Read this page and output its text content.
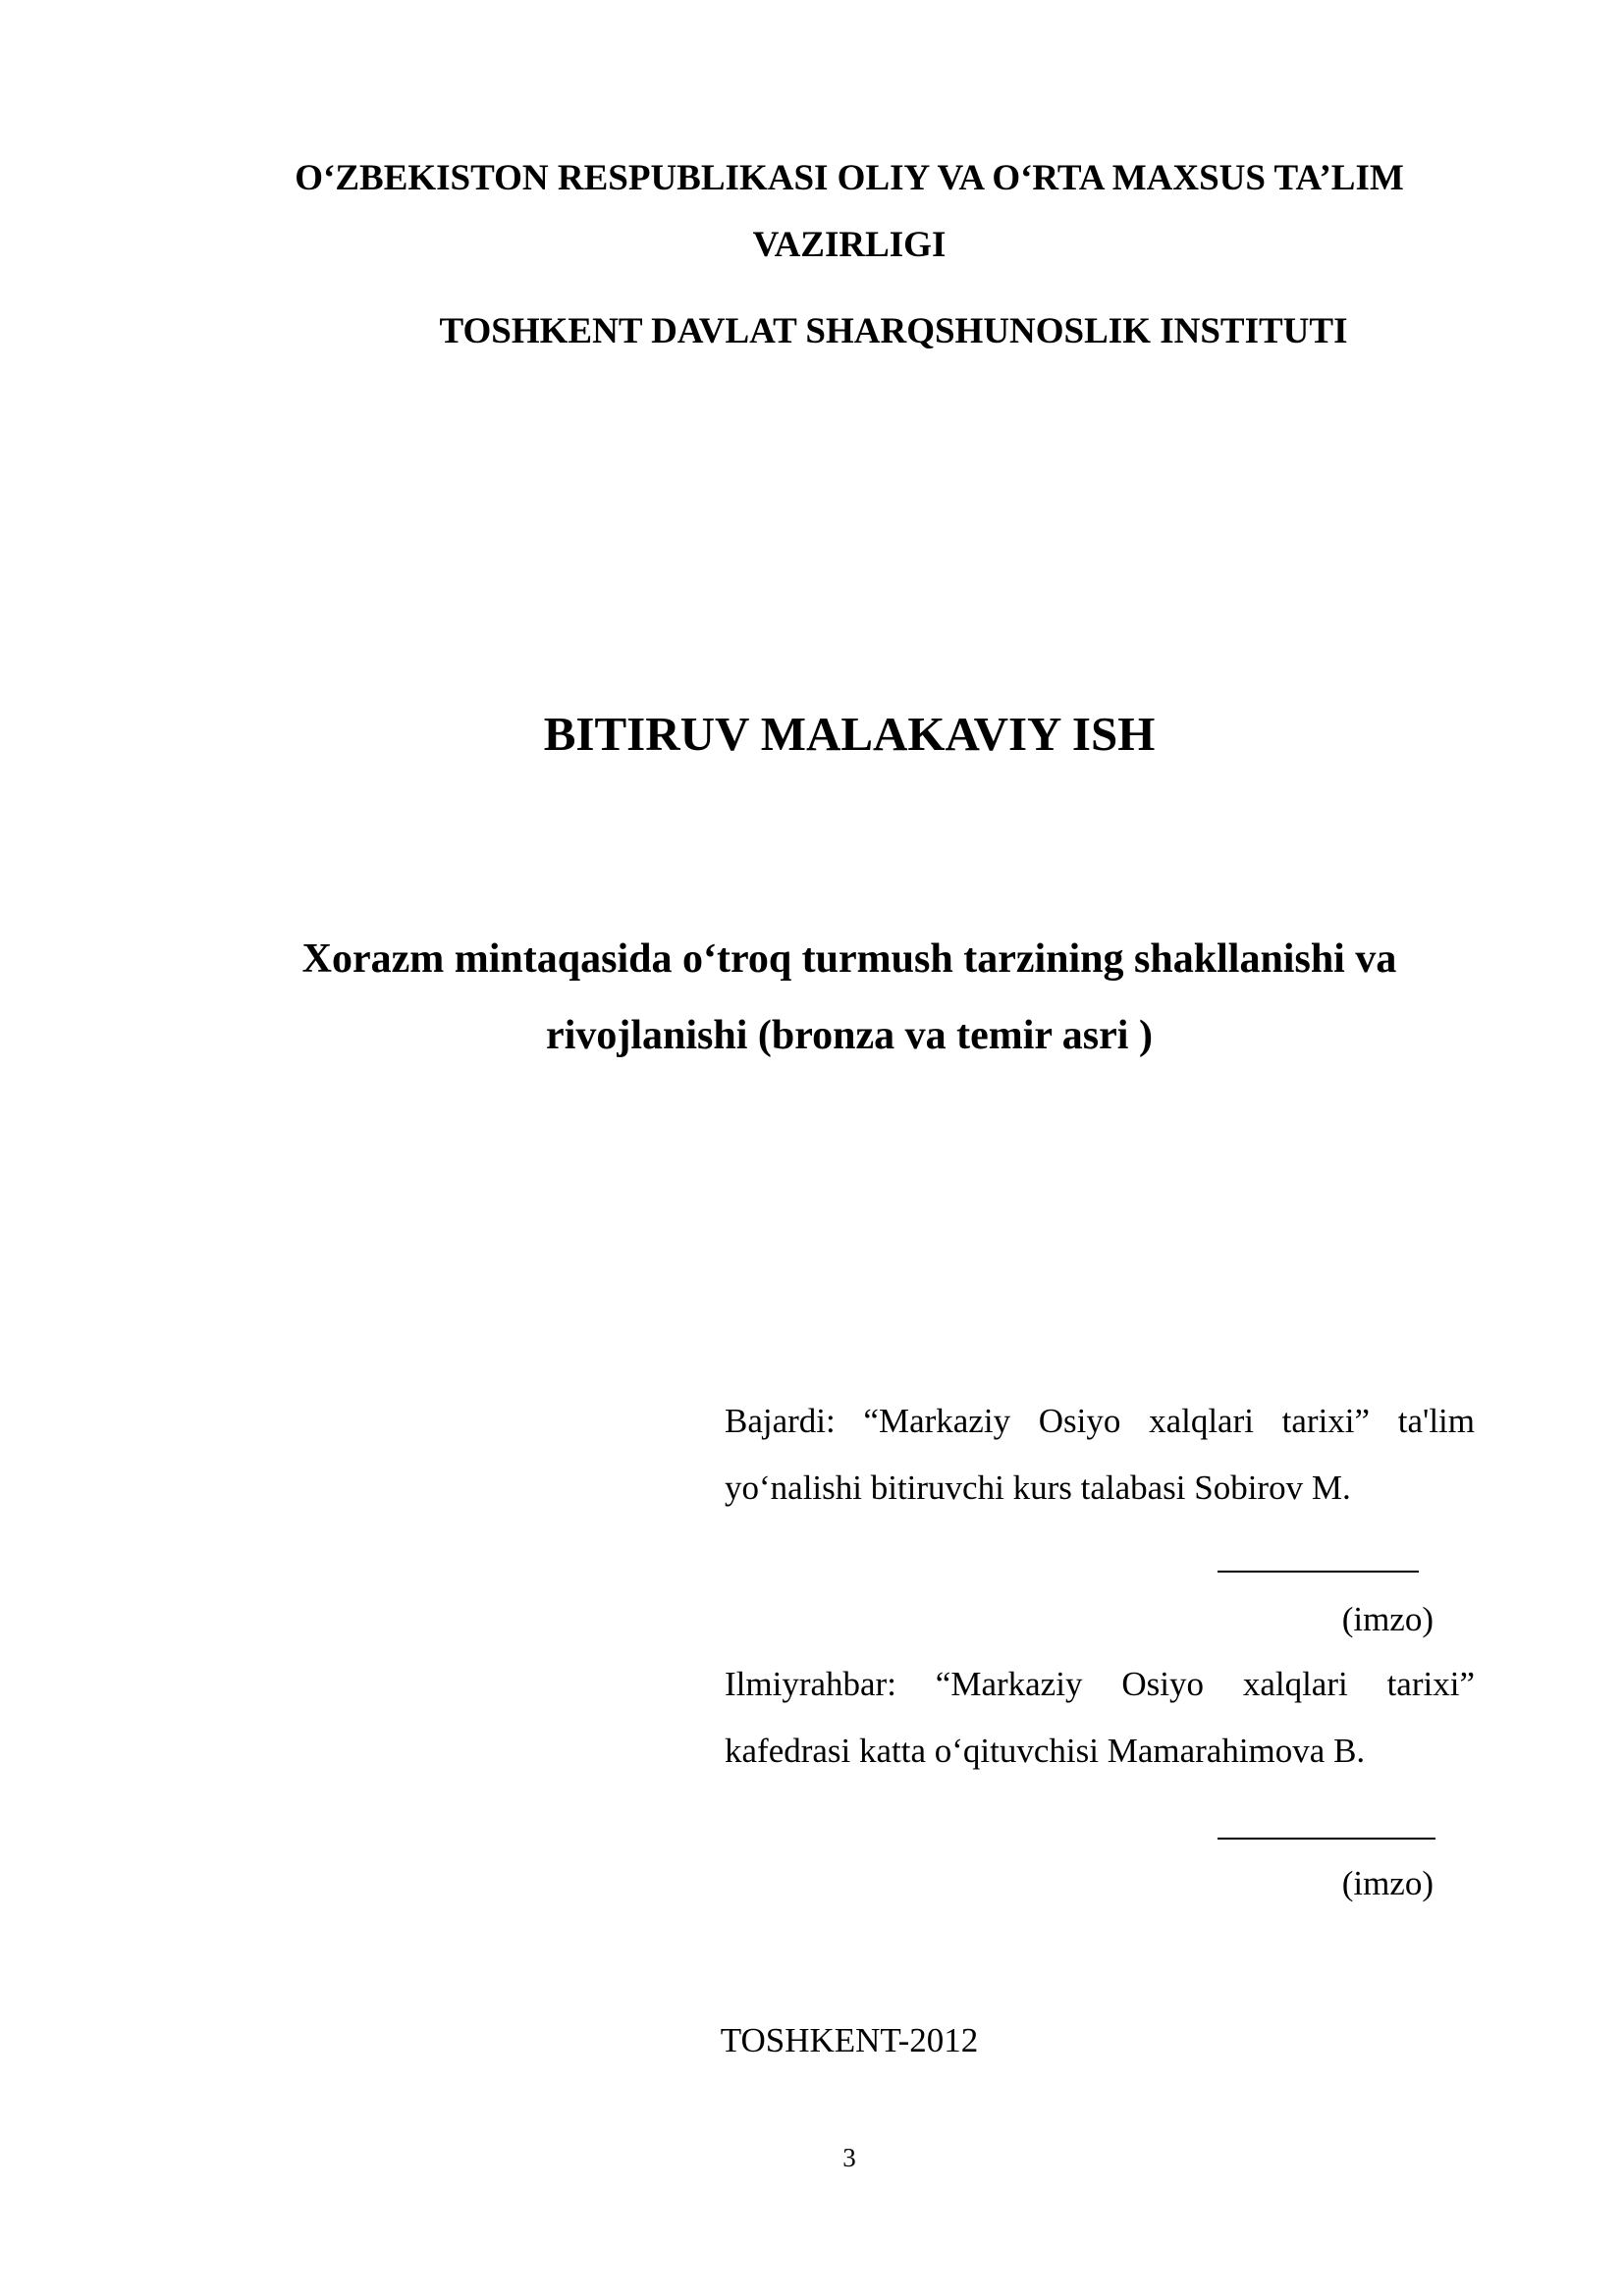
O‘ZBEKISTON RESPUBLIKASI OLIY VA O‘RTA MAXSUS TA’LIM VAZIRLIGI
TOSHKENT DAVLAT SHARQSHUNOSLIK INSTITUTI
BITIRUV MALAKAVIY ISH
Xorazm mintaqasida o‘troq turmush tarzining shakllanishi va rivojlanishi (bronza va temir asri )
Bajardi: “Markaziy Osiyo xalqlari tarixi” ta'lim yo‘nalishi bitiruvchi kurs talabasi Sobirov M.
(imzo)
Ilmiyrahbar: “Markaziy Osiyo xalqlari tarixi” kafedrasi katta o‘qituvchisi Mamarahimova B.
(imzo)
TOSHKENT-2012
3
